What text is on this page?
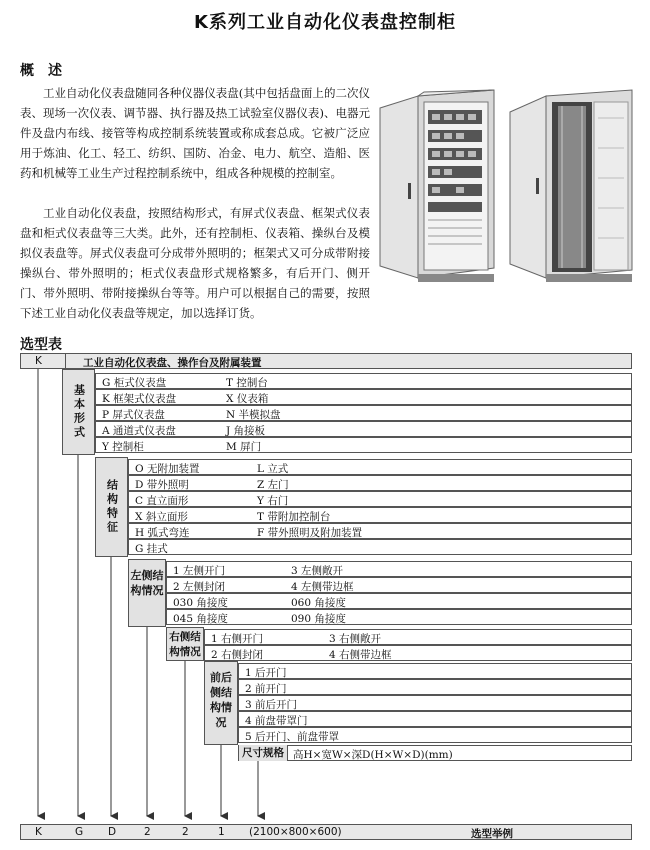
K系列工业自动化仪表盘控制柜
概　述

工业自动化仪表盘随同各种仪器仪表盘(其中包括盘面上的二次仪表、现场一次仪表、调节器、执行器及热工试验室仪器仪表)、电器元件及盘内布线、接管等构成控制系统装置或称成套总成。它被广泛应用于炼油、化工、轻工、纺织、国防、冶金、电力、航空、造船、医药和机械等工业生产过程控制系统中，组成各种规模的控制室。

工业自动化仪表盘，按照结构形式，有屏式仪表盘、框架式仪表盘和柜式仪表盘等三大类。此外，还有控制柜、仪表箱、操纵台及模拟仪表盘等。屏式仪表盘可分成带外照明的；框架式又可分成带附接操纵台、带外照明的；柜式仪表盘形式规格繁多，有后开门、侧开门、带外照明、带附接操纵台等等。用户可以根据自己的需要，按照下述工业自动化仪表盘等规定，加以选择订货。

选型表
K	工业自动化仪表盘、操作台及附属装置
基本形式
G 柜式仪表盘	T 控制台
K 框架式仪表盘	X 仪表箱
P 屏式仪表盘	N 半模拟盘
A 通道式仪表盘	J 角接板
Y 控制柜	M 屏门
结构特征
O 无附加装置	L 立式
D 带外照明	Z 左门
C 直立面形	Y 右门
X 斜立面形	T 带附加控制台
H 弧式弯连	F 带外照明及附加装置
G 挂式
左侧结构情况
1 左侧开门	3 左侧敞开
2 左侧封闭	4 左侧带边框
030 角接度	060 角接度
045 角接度	090 角接度
右侧结构情况
1 右侧开门	3 右侧敞开
2 右侧封闭	4 右侧带边框
前后侧结构情况
1 后开门
2 前开门
3 前后开门
4 前盘带罩门
5 后开门、前盘带罩
尺寸规格 高H×宽W×深D(H×W×D)(mm)
K	G D	2	2	1 (2100×800×600)	选型举例
